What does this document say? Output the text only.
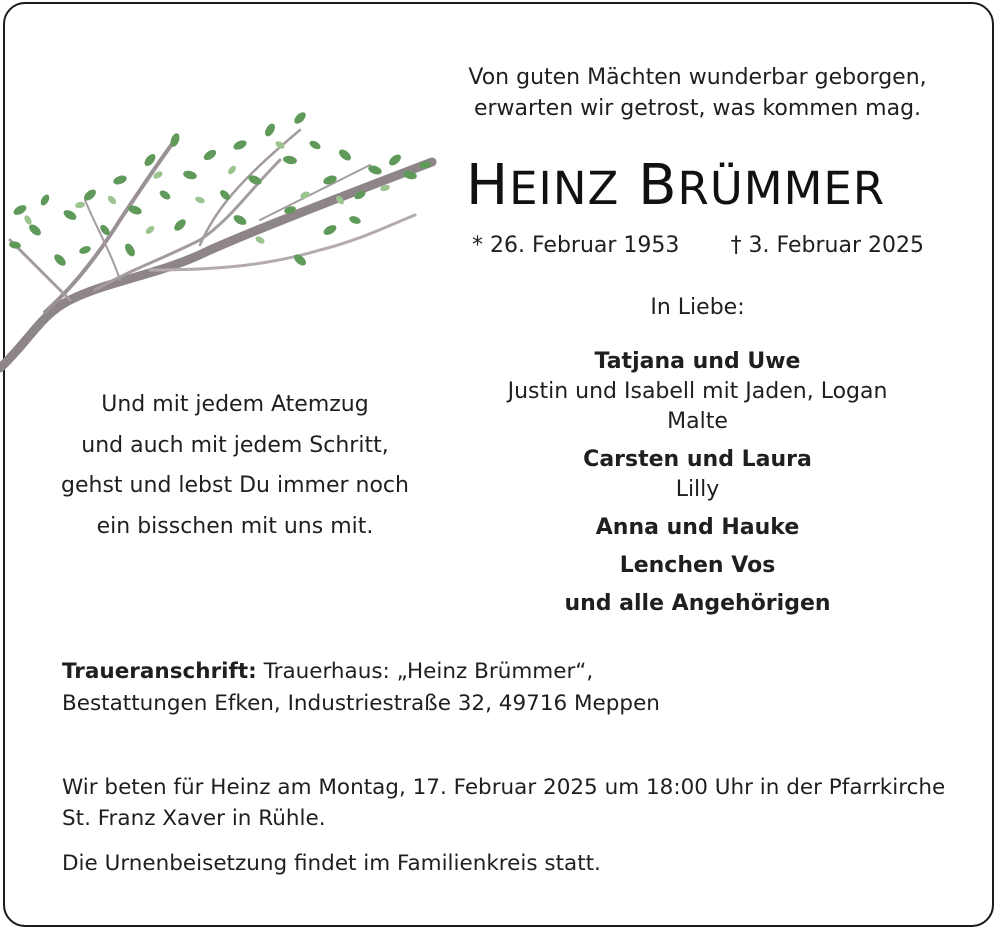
Von guten Mächten wunderbar geborgen,
erwarten wir getrost, was kommen mag.
HEINZ BRÜMMER
* 26. Februar 1953 † 3. Februar 2025
In Liebe:
Tatjana und Uwe
Justin und Isabell mit Jaden, Logan
Malte
Carsten und Laura
Lilly
Anna und Hauke
Lenchen Vos
und alle Angehörigen
Und mit jedem Atemzug
und auch mit jedem Schritt,
gehst und lebst Du immer noch
ein bisschen mit uns mit.
Traueranschrift: Trauerhaus: „Heinz Brümmer“,
Bestattungen Efken, Industriestraße 32, 49716 Meppen
Wir beten für Heinz am Montag, 17. Februar 2025 um 18:00 Uhr in der Pfarrkirche
St. Franz Xaver in Rühle.
Die Urnenbeisetzung findet im Familienkreis statt.
